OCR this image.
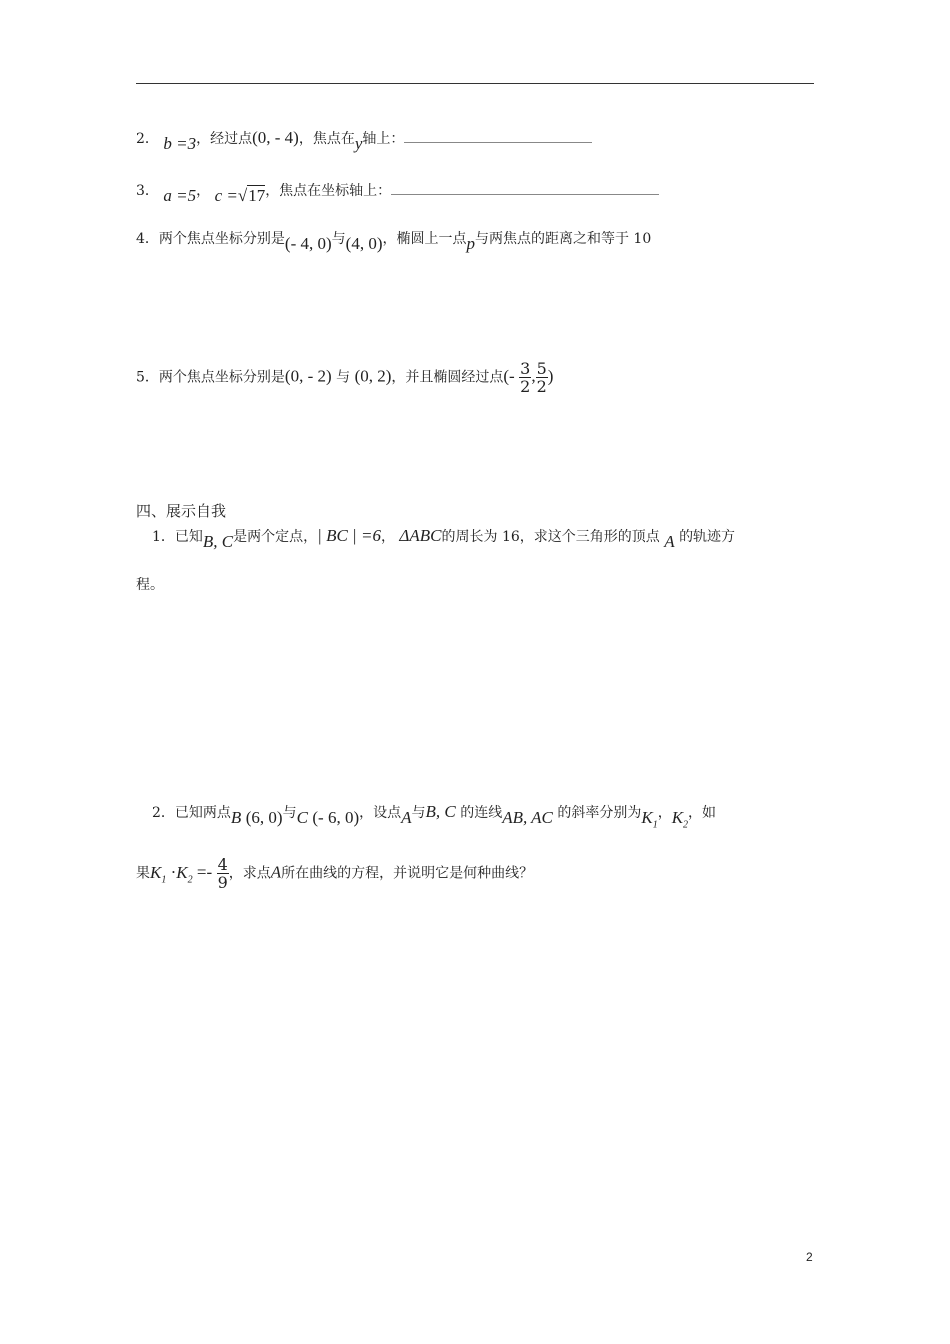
2． b =3，经过点(0, - 4)，焦点在y轴上：
3． a =5， c =√17，焦点在坐标轴上：
4．两个焦点坐标分别是(- 4, 0)与(4, 0)，椭圆上一点p与两焦点的距离之和等于 10
5．两个焦点坐标分别是(0, - 2) 与 (0, 2)，并且椭圆经过点(- $\frac{3}{2}$ , $\frac{5}{2}$ )
四、展示自我
1．已知B, C是两个定点，| BC | =6， ΔABC的周长为 16，求这个三角形的顶点 A 的轨迹方
程。
2．已知两点B (6, 0)与C (- 6, 0)，设点A与B, C 的连线AB, AC 的斜率分别为$K_1$，$K_2$，如
果$K_1 \cdot K_2 =- \frac{4}{9}$ ，求点A所在曲线的方程，并说明它是何种曲线？
2
